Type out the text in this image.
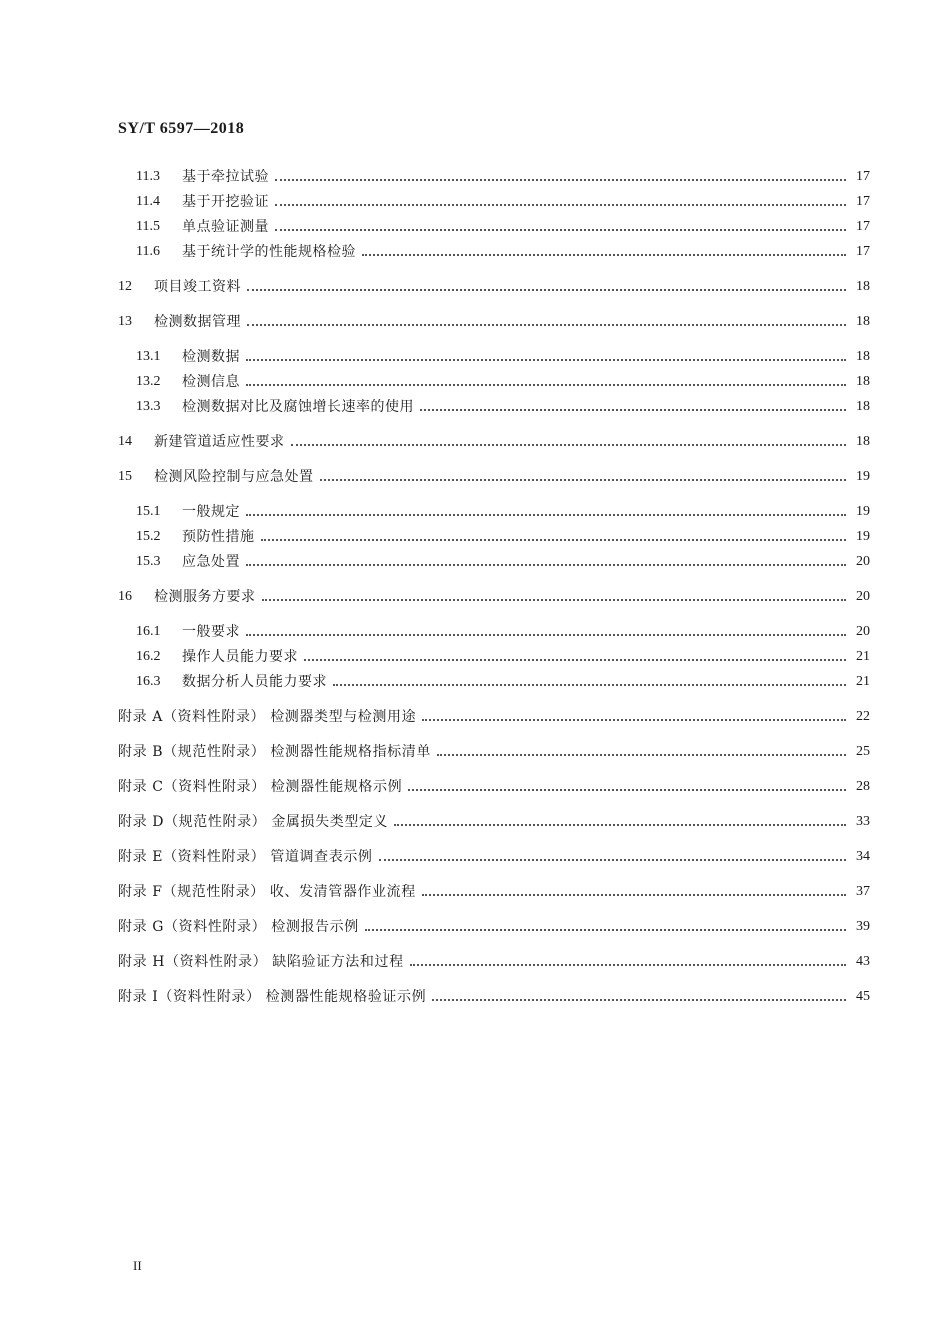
SY/T 6597—2018
11.3	基于牵拉试验	17
11.4	基于开挖验证	17
11.5	单点验证测量	17
11.6	基于统计学的性能规格检验	17
12	项目竣工资料	18
13	检测数据管理	18
13.1	检测数据	18
13.2	检测信息	18
13.3	检测数据对比及腐蚀增长速率的使用	18
14	新建管道适应性要求	18
15	检测风险控制与应急处置	19
15.1	一般规定	19
15.2	预防性措施	19
15.3	应急处置	20
16	检测服务方要求	20
16.1	一般要求	20
16.2	操作人员能力要求	21
16.3	数据分析人员能力要求	21
附录 A（资料性附录） 检测器类型与检测用途	22
附录 B（规范性附录） 检测器性能规格指标清单	25
附录 C（资料性附录） 检测器性能规格示例	28
附录 D（规范性附录） 金属损失类型定义	33
附录 E（资料性附录） 管道调查表示例	34
附录 F（规范性附录） 收、发清管器作业流程	37
附录 G（资料性附录） 检测报告示例	39
附录 H（资料性附录） 缺陷验证方法和过程	43
附录 I（资料性附录） 检测器性能规格验证示例	45
II
